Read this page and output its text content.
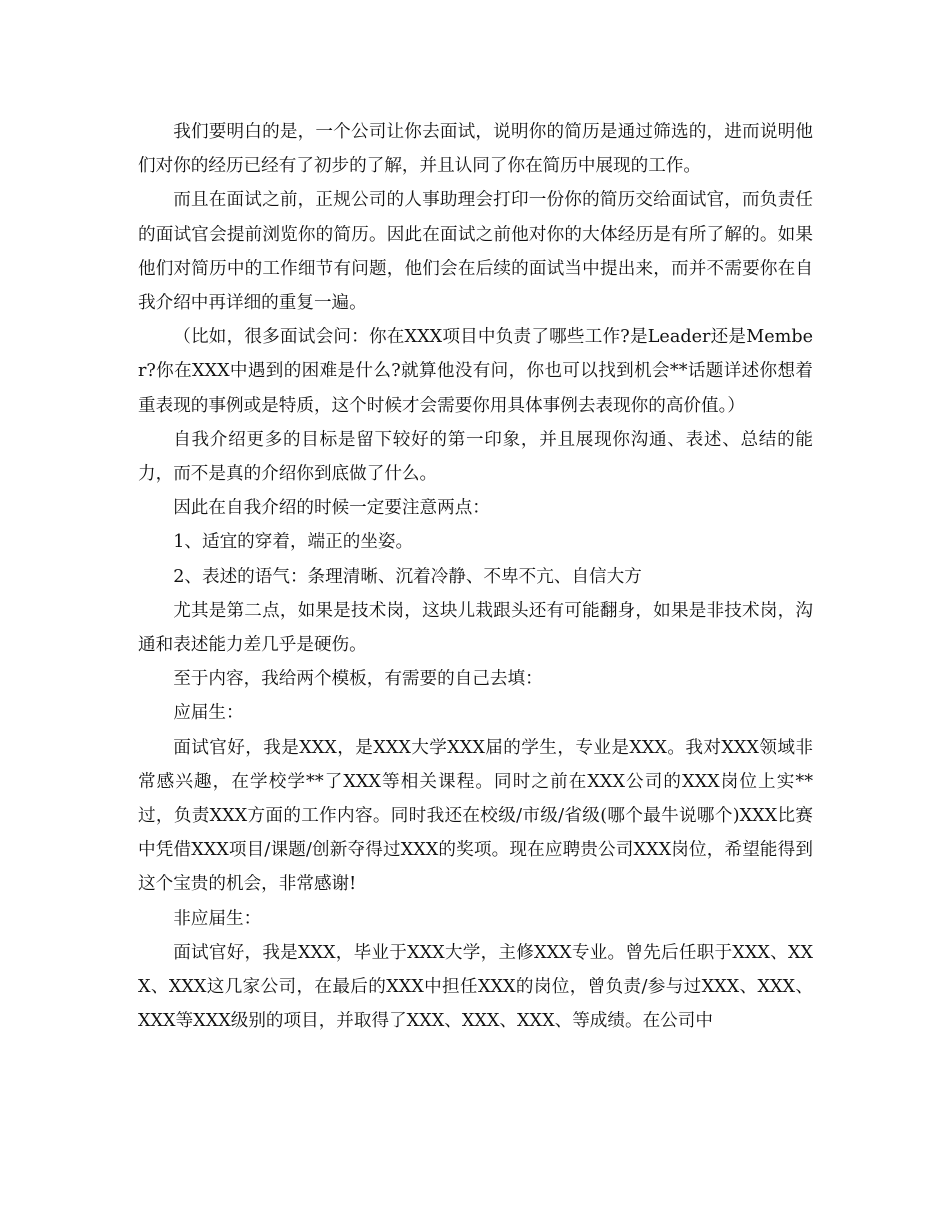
我们要明白的是，一个公司让你去面试，说明你的简历是通过筛选的，进而说明他们对你的经历已经有了初步的了解，并且认同了你在简历中展现的工作。

而且在面试之前，正规公司的人事助理会打印一份你的简历交给面试官，而负责任的面试官会提前浏览你的简历。因此在面试之前他对你的大体经历是有所了解的。如果他们对简历中的工作细节有问题，他们会在后续的面试当中提出来，而并不需要你在自我介绍中再详细的重复一遍。

（比如，很多面试会问：你在XXX项目中负责了哪些工作?是Leader还是Member?你在XXX中遇到的困难是什么?就算他没有问，你也可以找到机会**话题详述你想着重表现的事例或是特质，这个时候才会需要你用具体事例去表现你的高价值。）

自我介绍更多的目标是留下较好的第一印象，并且展现你沟通、表述、总结的能力，而不是真的介绍你到底做了什么。

因此在自我介绍的时候一定要注意两点：

1、适宜的穿着，端正的坐姿。

2、表述的语气：条理清晰、沉着冷静、不卑不亢、自信大方

尤其是第二点，如果是技术岗，这块儿栽跟头还有可能翻身，如果是非技术岗，沟通和表述能力差几乎是硬伤。

至于内容，我给两个模板，有需要的自己去填：

应届生：

面试官好，我是XXX，是XXX大学XXX届的学生，专业是XXX。我对XXX领域非常感兴趣，在学校学**了XXX等相关课程。同时之前在XXX公司的XXX岗位上实**过，负责XXX方面的工作内容。同时我还在校级/市级/省级(哪个最牛说哪个)XXX比赛中凭借XXX项目/课题/创新夺得过XXX的奖项。现在应聘贵公司XXX岗位，希望能得到这个宝贵的机会，非常感谢!

非应届生：

面试官好，我是XXX，毕业于XXX大学，主修XXX专业。曾先后任职于XXX、XXX、XXX这几家公司，在最后的XXX中担任XXX的岗位，曾负责/参与过XXX、XXX、XXX等XXX级别的项目，并取得了XXX、XXX、XXX、等成绩。在公司中
